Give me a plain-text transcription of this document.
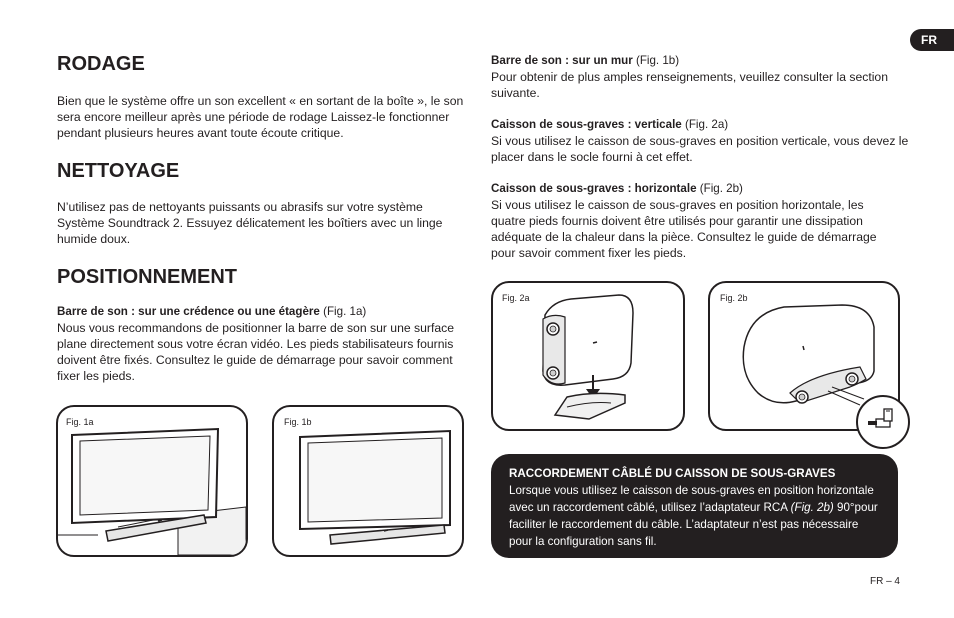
FR
RODAGE

Bien que le système offre un son excellent « en sortant de la boîte », le son sera encore meilleur après une période de rodage Laissez-le fonctionner pendant plusieurs heures avant toute écoute critique.

NETTOYAGE

N’utilisez pas de nettoyants puissants ou abrasifs sur votre système Système Soundtrack 2. Essuyez délicatement les boîtiers avec un linge humide doux.

POSITIONNEMENT
Barre de son : sur une crédence ou une étagère (Fig. 1a)

Nous vous recommandons de positionner la barre de son sur une surface plane directement sous votre écran vidéo. Les pieds stabilisateurs fournis doivent être fixés. Consultez le guide de démarrage pour savoir comment fixer les pieds.

Fig. 1a	Fig. 1b
Barre de son : sur un mur (Fig. 1b)

Pour obtenir de plus amples renseignements, veuillez consulter la section suivante.

Caisson de sous-graves : verticale (Fig. 2a)

Si vous utilisez le caisson de sous-graves en position verticale, vous devez le placer dans le socle fourni à cet effet.

Caisson de sous-graves : horizontale (Fig. 2b)

Si vous utilisez le caisson de sous-graves en position horizontale, les quatre pieds fournis doivent être utilisés pour garantir une dissipation adéquate de la chaleur dans la pièce. Consultez le guide de démarrage pour savoir comment fixer les pieds.

Fig. 2a	Fig. 2b
RACCORDEMENT CÂBLÉ DU CAISSON DE SOUS-GRAVES
Lorsque vous utilisez le caisson de sous-graves en position horizontale avec un raccordement câblé, utilisez l’adaptateur RCA (Fig. 2b) 90°pour faciliter le raccordement du câble. L’adaptateur n’est pas nécessaire pour la configuration sans fil.
FR – 4
